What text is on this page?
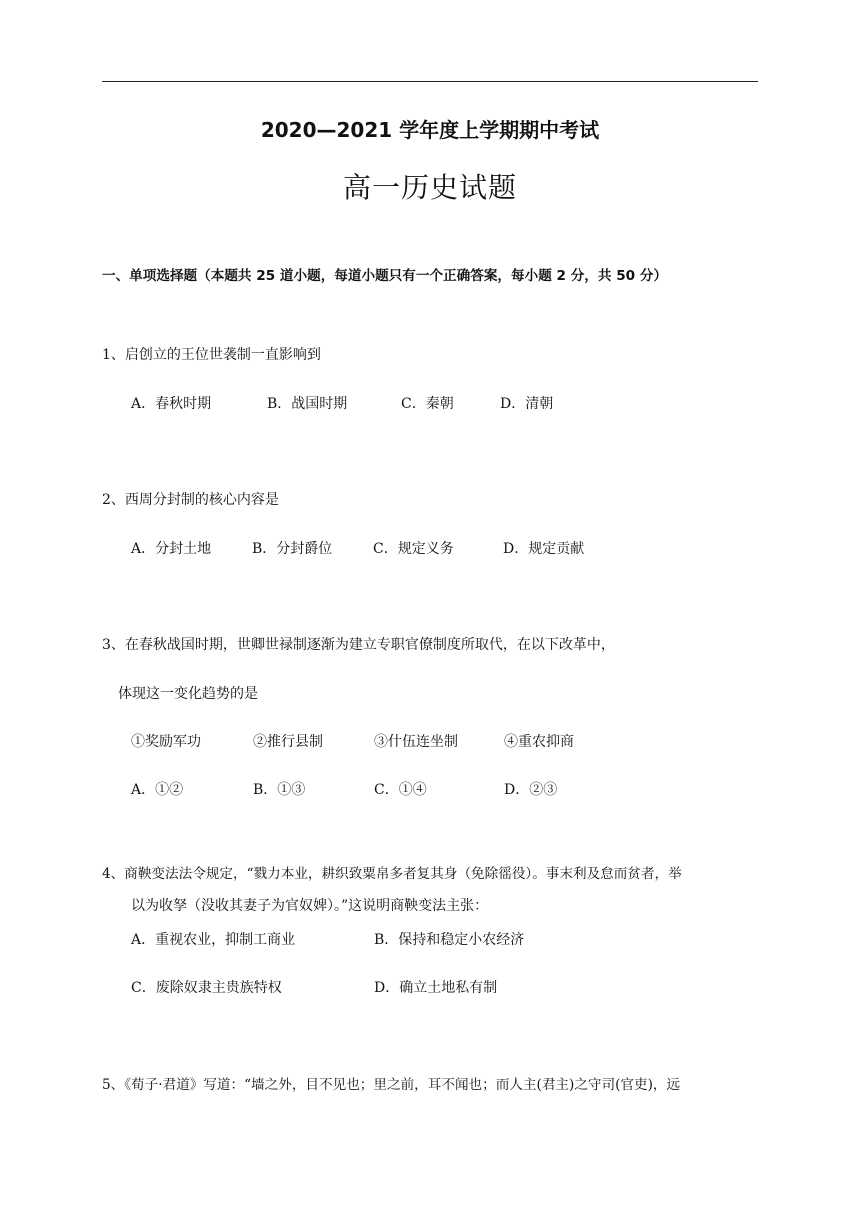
2020—2021 学年度上学期期中考试
高一历史试题
一、单项选择题（本题共 25 道小题，每道小题只有一个正确答案，每小题 2 分，共 50 分）
1、启创立的王位世袭制一直影响到
A．春秋时期	B．战国时期	C．秦朝	D．清朝
2、西周分封制的核心内容是
A．分封土地	B．分封爵位	C．规定义务	D．规定贡献
3、在春秋战国时期，世卿世禄制逐渐为建立专职官僚制度所取代，在以下改革中，
体现这一变化趋势的是
①奖励军功	②推行县制	③什伍连坐制	④重农抑商
A．①②	B．①③	C．①④	D．②③
4、商鞅变法法令规定，“戮力本业，耕织致粟帛多者复其身（免除徭役）。事末利及怠而贫者，举
以为收孥（没收其妻子为官奴婢）。”这说明商鞅变法主张：
A．重视农业，抑制工商业	B．保持和稳定小农经济
C．废除奴隶主贵族特权	D．确立土地私有制
5、《荀子·君道》写道：“墙之外，目不见也；里之前，耳不闻也；而人主(君主)之守司(官吏)，远
